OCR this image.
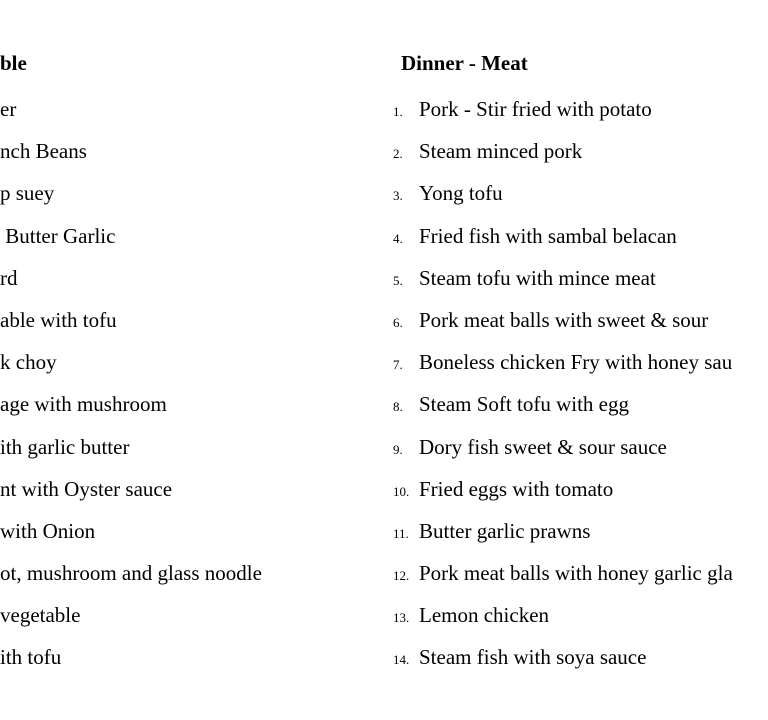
ble
er
nch Beans
p suey
Butter Garlic
rd
able with tofu
k choy
age with mushroom
ith garlic butter
nt with Oyster sauce
with Onion
ot, mushroom and glass noodle
vegetable
ith tofu
Dinner - Meat
1. Pork - Stir fried with potato
2. Steam minced pork
3. Yong tofu
4. Fried fish with sambal belacan
5. Steam tofu with mince meat
6. Pork meat balls with sweet & sour
7. Boneless chicken Fry with honey sau
8. Steam Soft tofu with egg
9. Dory fish sweet & sour sauce
10. Fried eggs with tomato
11. Butter garlic prawns
12. Pork meat balls with honey garlic gla
13. Lemon chicken
14. Steam fish with soya sauce
